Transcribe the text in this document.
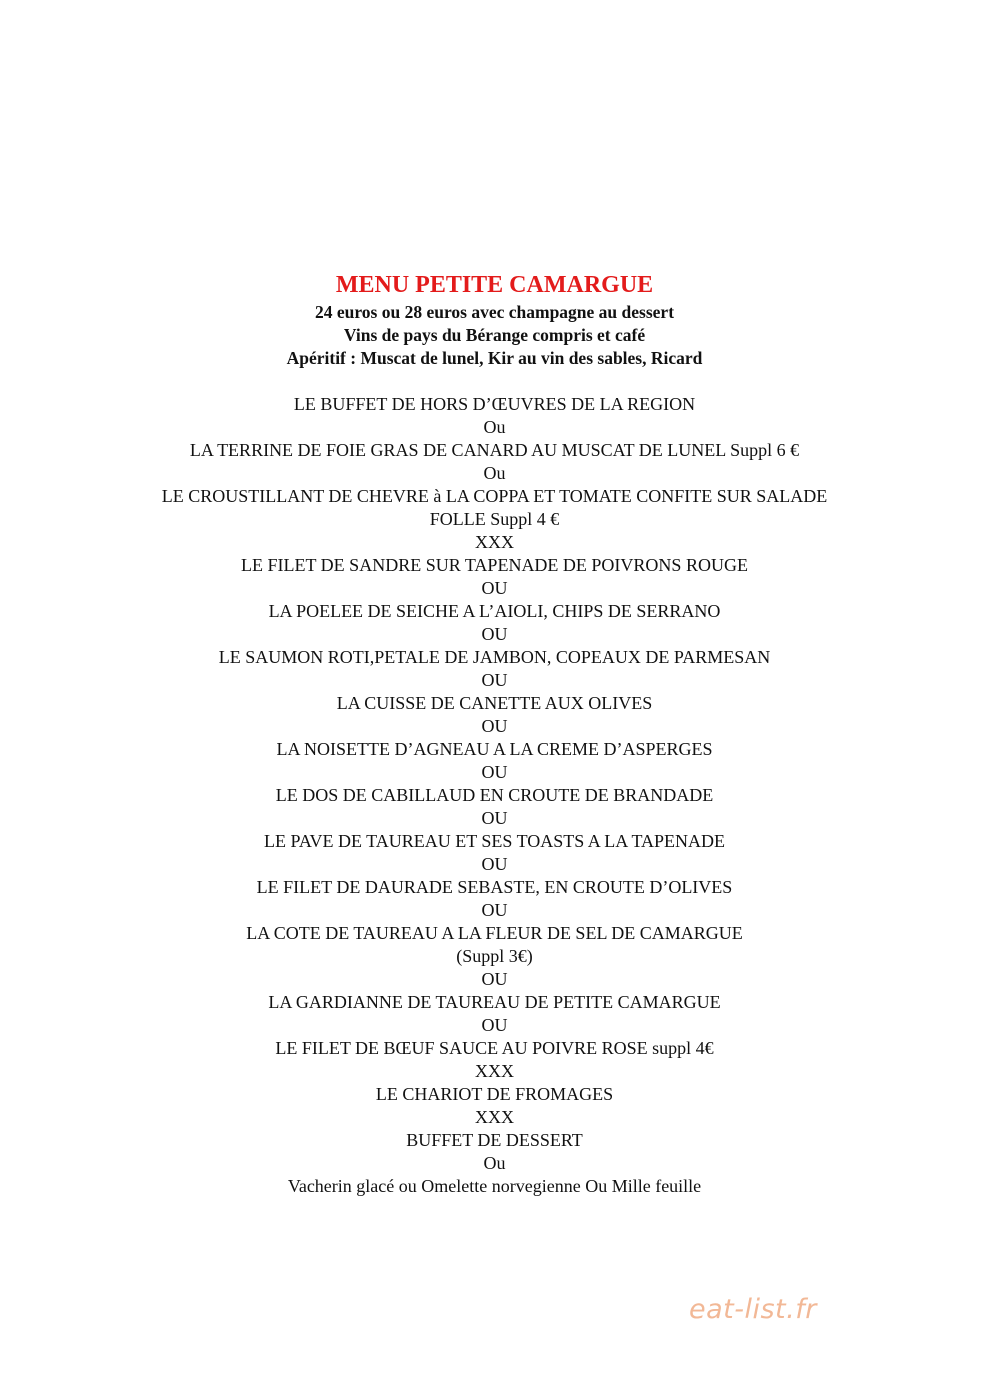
MENU PETITE CAMARGUE
24 euros ou 28 euros avec champagne au dessert
Vins de pays du Bérange compris et café
Apéritif : Muscat de lunel, Kir au vin des sables, Ricard
LE BUFFET DE HORS D’ŒUVRES DE LA REGION
Ou
LA TERRINE DE FOIE GRAS DE CANARD AU MUSCAT DE LUNEL Suppl 6 €
Ou
LE CROUSTILLANT DE CHEVRE à LA COPPA ET TOMATE CONFITE SUR SALADE
FOLLE Suppl 4 €
XXX
LE FILET DE SANDRE SUR TAPENADE DE POIVRONS ROUGE
OU
LA POELEE DE SEICHE A L’AIOLI, CHIPS DE SERRANO
OU
LE SAUMON ROTI,PETALE DE JAMBON, COPEAUX DE PARMESAN
OU
LA CUISSE DE CANETTE AUX OLIVES
OU
LA NOISETTE D’AGNEAU A LA CREME D’ASPERGES
OU
LE DOS DE CABILLAUD EN CROUTE DE BRANDADE
OU
LE PAVE DE TAUREAU ET SES TOASTS A LA TAPENADE
OU
LE FILET DE DAURADE SEBASTE, EN CROUTE D’OLIVES
OU
LA COTE DE TAUREAU A LA FLEUR DE SEL DE CAMARGUE
(Suppl 3€)
OU
LA GARDIANNE DE TAUREAU DE PETITE CAMARGUE
OU
LE FILET DE BŒUF SAUCE AU POIVRE ROSE suppl 4€
XXX
LE CHARIOT DE FROMAGES
XXX
BUFFET DE DESSERT
Ou
Vacherin glacé ou Omelette norvegienne Ou Mille feuille
eat-list.fr
